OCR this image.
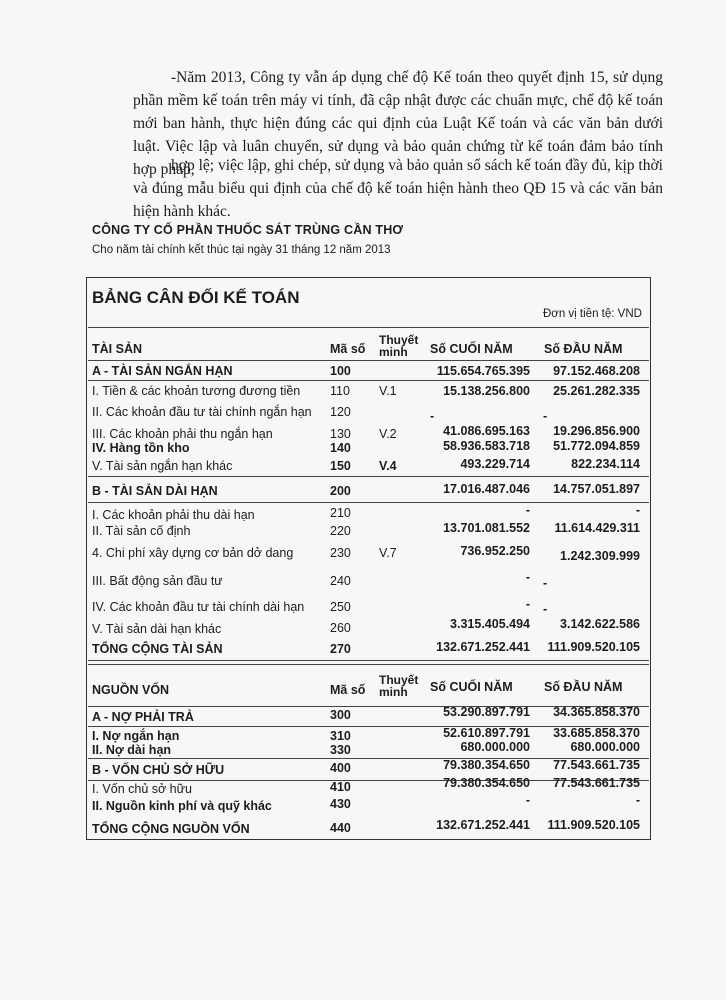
-Năm 2013, Công ty vẫn áp dụng chế độ Kế toán theo quyết định 15, sử dụng phần mềm kế toán trên máy vi tính, đã cập nhật được các chuẩn mực, chế độ kế toán mới ban hành, thực hiện đúng các qui định của Luật Kế toán và các văn bản dưới luật. Việc lập và luân chuyển, sử dụng và bảo quản chứng từ kế toán đảm bảo tính hợp pháp,
hợp lệ; việc lập, ghi chép, sử dụng và bảo quản sổ sách kế toán đầy đủ, kịp thời và đúng mẫu biểu qui định của chế độ kế toán hiện hành theo QĐ 15 và các văn bản hiện hành khác.
CÔNG TY CỔ PHẦN THUỐC SÁT TRÙNG CẦN THƠ
Cho năm tài chính kết thúc tại ngày 31 tháng 12 năm 2013
BẢNG CÂN ĐỐI KẾ TOÁN
Đơn vị tiền tệ: VND
TÀI SẢN	Mã số
Thuyết minh	Số CUỐI NĂM	Số ĐẦU NĂM
A - TÀI SẢN NGẮN HẠN	100	115.654.765.395	97.152.468.208
I. Tiền & các khoản tương đương tiền 110 V.1	15.138.256.800	25.261.282.335
II. Các khoản đầu tư tài chính ngắn hạn 120	-	-
III. Các khoản phải thu ngắn hạn	130 V.2	41.086.695.163	19.296.856.900
IV. Hàng tồn kho	140	58.936.583.718	51.772.094.859
V. Tài sản ngắn hạn khác	150 V.4	493.229.714	822.234.114
B - TÀI SẢN DÀI HẠN	200	17.016.487.046	14.757.051.897
I. Các khoản phải thu dài hạn	210	-	-
II. Tài sản cố định	220	13.701.081.552	11.614.429.311
4. Chi phí xây dựng cơ bản dở dang	230 V.7	736.952.250	1.242.309.999
III. Bất động sản đầu tư	240	- -
IV. Các khoản đầu tư tài chính dài hạn 250	- -
V. Tài sản dài hạn khác	260	3.315.405.494	3.142.622.586
TỔNG CỘNG TÀI SẢN	270	132.671.252.441	111.909.520.105
NGUỒN VỐN	Mã số
Thuyết minh	Số CUỐI NĂM	Số ĐẦU NĂM
A - NỢ PHẢI TRẢ	300	53.290.897.791	34.365.858.370
I. Nợ ngắn hạn	310	52.610.897.791	33.685.858.370
II. Nợ dài hạn	330	680.000.000	680.000.000
B - VỐN CHỦ SỞ HỮU	400	79.380.354.650	77.543.661.735
I. Vốn chủ sở hữu	410	79.380.354.650	77.543.661.735
II. Nguồn kinh phí và quỹ khác	430	-	-
TỔNG CỘNG NGUỒN VỐN	440	132.671.252.441	111.909.520.105
